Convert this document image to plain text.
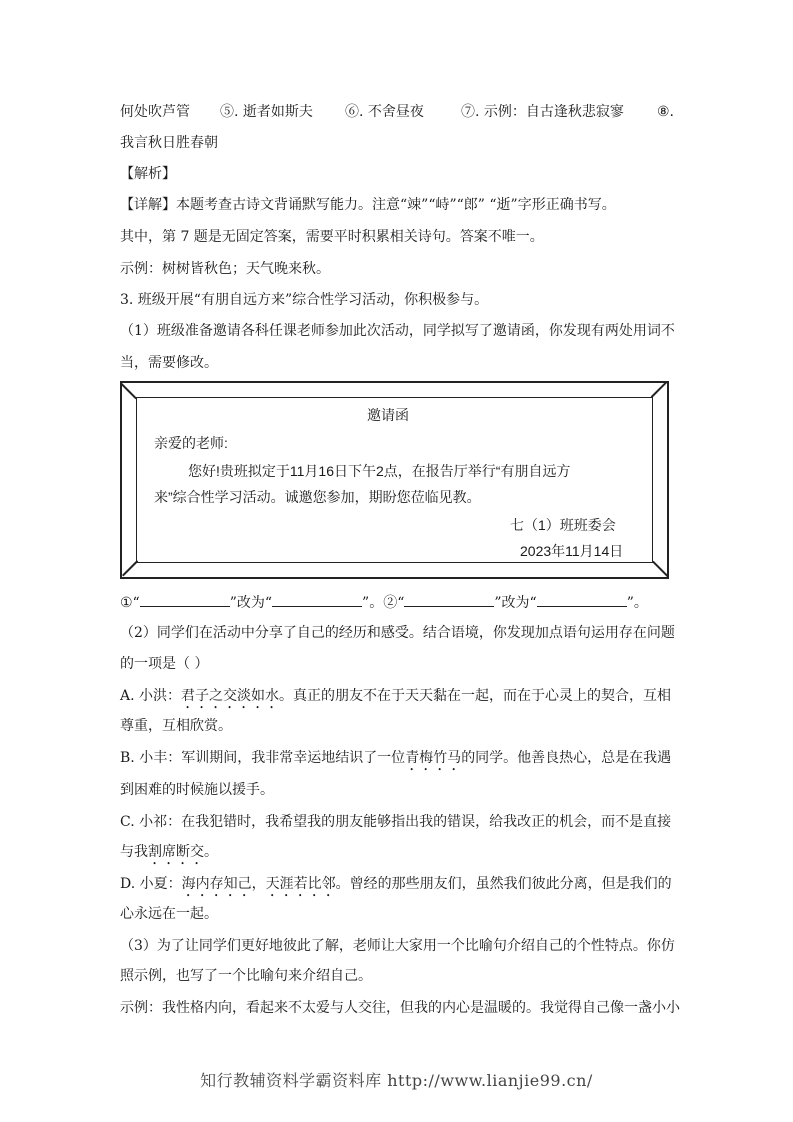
何处吹芦管 ⑤. 逝者如斯夫 ⑥. 不舍昼夜	⑦. 示例：自古逢秋悲寂寥 ⑧.
我言秋日胜春朝
【解析】
【详解】本题考查古诗文背诵默写能力。注意“竦”“峙”“郎” “逝”字形正确书写。
其中，第 7 题是无固定答案，需要平时积累相关诗句。答案不唯一。
示例：树树皆秋色；天气晚来秋。
3. 班级开展“有朋自远方来”综合性学习活动，你积极参与。
（1）班级准备邀请各科任课老师参加此次活动，同学拟写了邀请函，你发现有两处用词不
当，需要修改。
邀请函
亲爱的老师:
您好!贵班拟定于11月16日下午2点，在报告厅举行“有朋自远方
来”综合性学习活动。诚邀您参加，期盼您莅临见教。
七（1）班班委会
2023年11月14日
①“	”改为“	”。②“	”改为“	”。
（2）同学们在活动中分享了自己的经历和感受。结合语境，你发现加点语句运用存在问题
的一项是（ ）
A. 小洪：君子之交淡如水。真正的朋友不在于天天黏在一起，而在于心灵上的契合，互相
尊重，互相欣赏。
B. 小丰：军训期间，我非常幸运地结识了一位青梅竹马的同学。他善良热心，总是在我遇
到困难的时候施以援手。
C. 小祁：在我犯错时，我希望我的朋友能够指出我的错误，给我改正的机会，而不是直接
与我割席断交。
D. 小夏：海内存知己，天涯若比邻。曾经的那些朋友们，虽然我们彼此分离，但是我们的
心永远在一起。
（3）为了让同学们更好地彼此了解，老师让大家用一个比喻句介绍自己的个性特点。你仿
照示例，也写了一个比喻句来介绍自己。
示例：我性格内向，看起来不太爱与人交往，但我的内心是温暖的。我觉得自己像一盏小小
知行教辅资料学霸资料库 http://www.lianjie99.cn/
